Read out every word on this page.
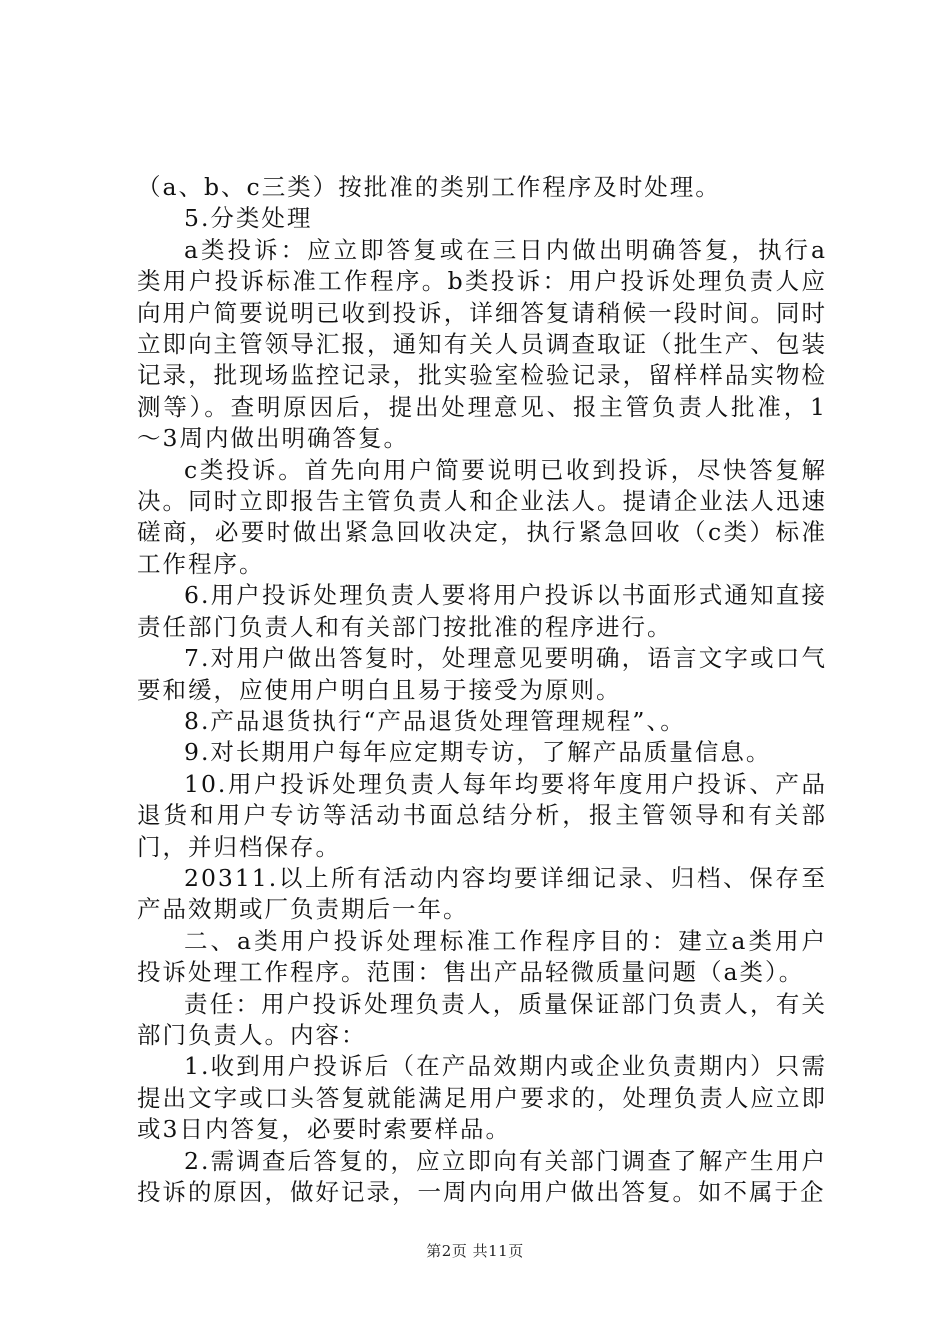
（a、b、c三类）按批准的类别工作程序及时处理。

5.分类处理

a类投诉：应立即答复或在三日内做出明确答复，执行a类用户投诉标准工作程序。b类投诉：用户投诉处理负责人应向用户简要说明已收到投诉，详细答复请稍候一段时间。同时立即向主管领导汇报，通知有关人员调查取证（批生产、包装记录，批现场监控记录，批实验室检验记录，留样样品实物检测等）。查明原因后，提出处理意见、报主管负责人批准，1～3周内做出明确答复。

c类投诉。首先向用户简要说明已收到投诉，尽快答复解决。同时立即报告主管负责人和企业法人。提请企业法人迅速磋商，必要时做出紧急回收决定，执行紧急回收（c类）标准工作程序。

6.用户投诉处理负责人要将用户投诉以书面形式通知直接责任部门负责人和有关部门按批准的程序进行。

7.对用户做出答复时，处理意见要明确，语言文字或口气要和缓，应使用户明白且易于接受为原则。

8.产品退货执行“产品退货处理管理规程”、。

9.对长期用户每年应定期专访，了解产品质量信息。

10.用户投诉处理负责人每年均要将年度用户投诉、产品退货和用户专访等活动书面总结分析，报主管领导和有关部门，并归档保存。

20311.以上所有活动内容均要详细记录、归档、保存至产品效期或厂负责期后一年。

二、a类用户投诉处理标准工作程序目的：建立a类用户投诉处理工作程序。范围：售出产品轻微质量问题（a类）。

责任：用户投诉处理负责人，质量保证部门负责人，有关部门负责人。内容：

1.收到用户投诉后（在产品效期内或企业负责期内）只需提出文字或口头答复就能满足用户要求的，处理负责人应立即或3日内答复，必要时索要样品。

2.需调查后答复的，应立即向有关部门调查了解产生用户投诉的原因，做好记录，一周内向用户做出答复。如不属于企

第2页 共11页
